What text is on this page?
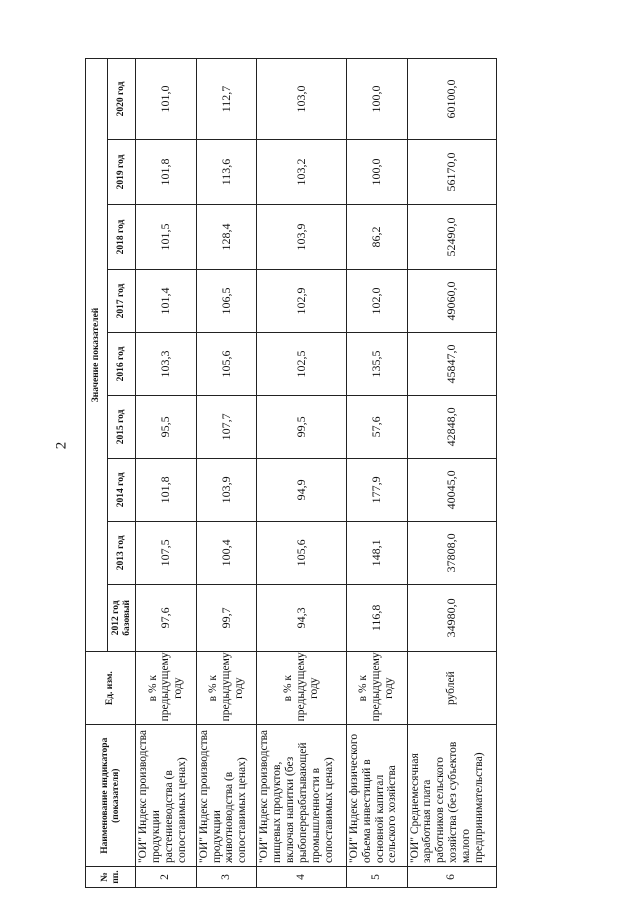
2
№ пп.	Наименование индикатора (показателя)	Ед. изм.	Значение показателей								
			2012 год базовый	2013 год	2014 год	2015 год	2016 год	2017 год	2018 год	2019 год	2020 год
2	"ОИ" Индекс производства продукции растениеводства (в сопоставимых ценах)	в % к предыдущему году	97,6	107,5	101,8	95,5	103,3	101,4	101,5	101,8	101,0
3	"ОИ" Индекс производства продукции животноводства (в сопоставимых ценах)	в % к предыдущему году	99,7	100,4	103,9	107,7	105,6	106,5	128,4	113,6	112,7
4	"ОИ" Индекс производства пищевых продуктов, включая напитки (без рыбоперерабатывающей промышленности в сопоставимых ценах)	в % к предыдущему году	94,3	105,6	94,9	99,5	102,5	102,9	103,9	103,2	103,0
5	"ОИ" Индекс физического объема инвестиций в основной капитал сельского хозяйства	в % к предыдущему году	116,8	148,1	177,9	57,6	135,5	102,0	86,2	100,0	100,0
6	"ОИ" Среднемесячная заработная плата работников сельского хозяйства (без субъектов малого предпринимательства)	рублей	34980,0	37808,0	40045,0	42848,0	45847,0	49060,0	52490,0	56170,0	60100,0
